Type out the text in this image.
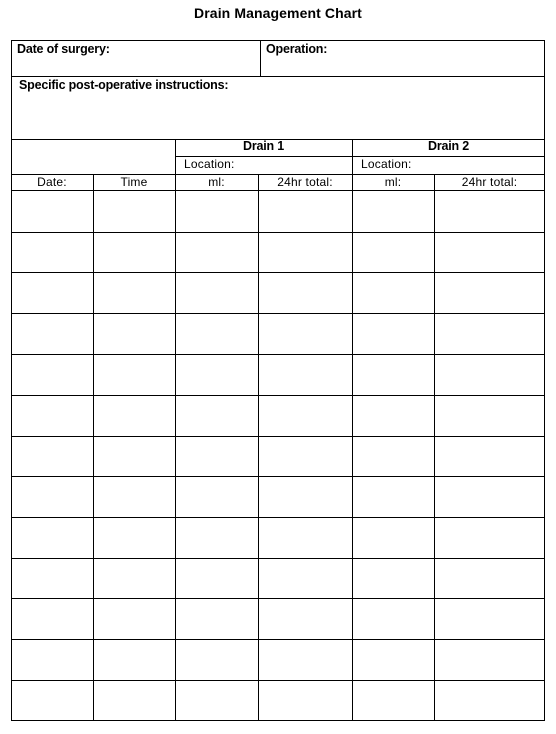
Drain Management Chart
Date of surgery:	Operation:
Specific post-operative instructions:
Drain 1	Drain 2
Location:	Location:
Date:	Time	ml:	24hr total:	ml:	24hr total:
